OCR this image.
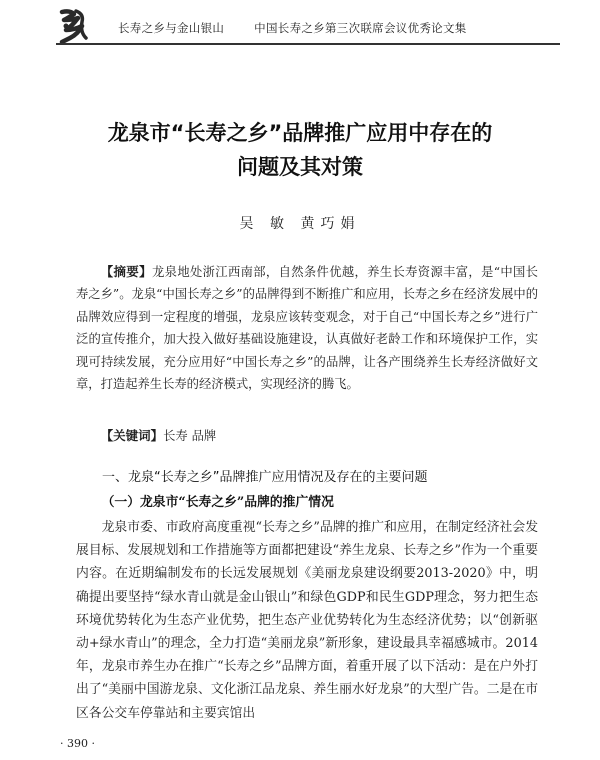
长寿之乡与金山银山	中国长寿之乡第三次联席会议优秀论文集
龙泉市“长寿之乡”品牌推广应用中存在的
问题及其对策
吴 敏 黄巧娟

【摘要】龙泉地处浙江西南部，自然条件优越，养生长寿资源丰富，是“中国长寿之乡”。龙泉“中国长寿之乡”的品牌得到不断推广和应用，长寿之乡在经济发展中的品牌效应得到一定程度的增强，龙泉应该转变观念，对于自己“中国长寿之乡”进行广泛的宣传推介，加大投入做好基础设施建设，认真做好老龄工作和环境保护工作，实现可持续发展，充分应用好“中国长寿之乡”的品牌，让各产围绕养生长寿经济做好文章，打造起养生长寿的经济模式，实现经济的腾飞。

【关键词】长寿 品牌

一、龙泉“长寿之乡”品牌推广应用情况及存在的主要问题

（一）龙泉市“长寿之乡”品牌的推广情况

龙泉市委、市政府高度重视“长寿之乡”品牌的推广和应用，在制定经济社会发展目标、发展规划和工作措施等方面都把建设“养生龙泉、长寿之乡”作为一个重要内容。在近期编制发布的长远发展规划《美丽龙泉建设纲要2013-2020》中，明确提出要坚持“绿水青山就是金山银山”和绿色GDP和民生GDP理念，努力把生态环境优势转化为生态产业优势，把生态产业优势转化为生态经济优势；以“创新驱动+绿水青山”的理念，全力打造“美丽龙泉”新形象，建设最具幸福感城市。2014年，龙泉市养生办在推广“长寿之乡”品牌方面，着重开展了以下活动：是在户外打出了“美丽中国游龙泉、文化浙江品龙泉、养生丽水好龙泉”的大型广告。二是在市区各公交车停靠站和主要宾馆出

· 390 ·
